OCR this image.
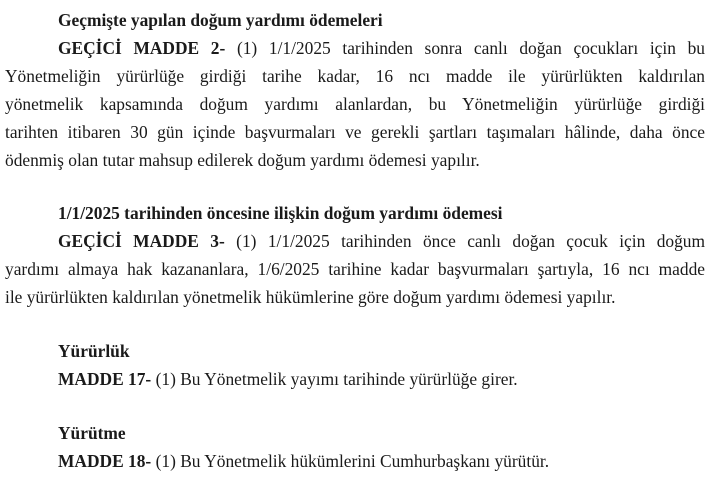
Geçmişte yapılan doğum yardımı ödemeleri
GEÇİCİ MADDE 2- (1) 1/1/2025 tarihinden sonra canlı doğan çocukları için bu
Yönetmeliğin yürürlüğe girdiği tarihe kadar, 16 ncı madde ile yürürlükten kaldırılan
yönetmelik kapsamında doğum yardımı alanlardan, bu Yönetmeliğin yürürlüğe girdiği
tarihten itibaren 30 gün içinde başvurmaları ve gerekli şartları taşımaları hâlinde, daha önce
ödenmiş olan tutar mahsup edilerek doğum yardımı ödemesi yapılır.
1/1/2025 tarihinden öncesine ilişkin doğum yardımı ödemesi
GEÇİCİ MADDE 3- (1) 1/1/2025 tarihinden önce canlı doğan çocuk için doğum
yardımı almaya hak kazananlara, 1/6/2025 tarihine kadar başvurmaları şartıyla, 16 ncı madde
ile yürürlükten kaldırılan yönetmelik hükümlerine göre doğum yardımı ödemesi yapılır.
Yürürlük
MADDE 17- (1) Bu Yönetmelik yayımı tarihinde yürürlüğe girer.
Yürütme
MADDE 18- (1) Bu Yönetmelik hükümlerini Cumhurbaşkanı yürütür.
